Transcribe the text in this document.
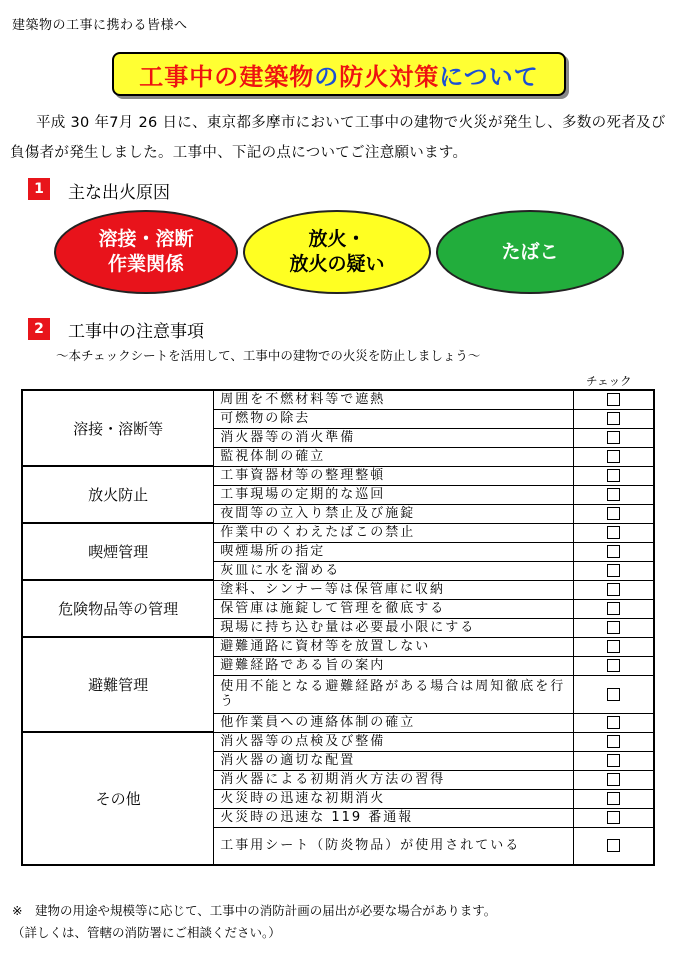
建築物の工事に携わる皆様へ
工事中の建築物 の 防火対策 について
平成 30 年7月 26 日に、東京都多摩市において工事中の建物で火災が発生し、多数の死者及び負傷者が発生しました。工事中、下記の点についてご注意願います。
1	主な出火原因
溶接・溶断
作業関係
放火・
放火の疑い
たばこ
2	工事中の注意事項
～本チェックシートを活用して、工事中の建物での火災を防止しましょう～
チェック
溶接・溶断等	周囲を不燃材料等で遮熱	
	可燃物の除去	
	消火器等の消火準備	
	監視体制の確立	
放火防止	工事資器材等の整理整頓	
	工事現場の定期的な巡回	
	夜間等の立入り禁止及び施錠	
喫煙管理	作業中のくわえたばこの禁止	
	喫煙場所の指定	
	灰皿に水を溜める	
危険物品等の管理	塗料、シンナー等は保管庫に収納	
	保管庫は施錠して管理を徹底する	
	現場に持ち込む量は必要最小限にする	
避難管理	避難通路に資材等を放置しない	
	避難経路である旨の案内	
	使用不能となる避難経路がある場合は周知徹底を行う	
	他作業員への連絡体制の確立	
その他	消火器等の点検及び整備	
	消火器の適切な配置	
	消火器による初期消火方法の習得	
	火災時の迅速な初期消火	
	火災時の迅速な 119 番通報	
	工事用シート（防炎物品）が使用されている	
※　建物の用途や規模等に応じて、工事中の消防計画の届出が必要な場合があります。
（詳しくは、管轄の消防署にご相談ください。）
